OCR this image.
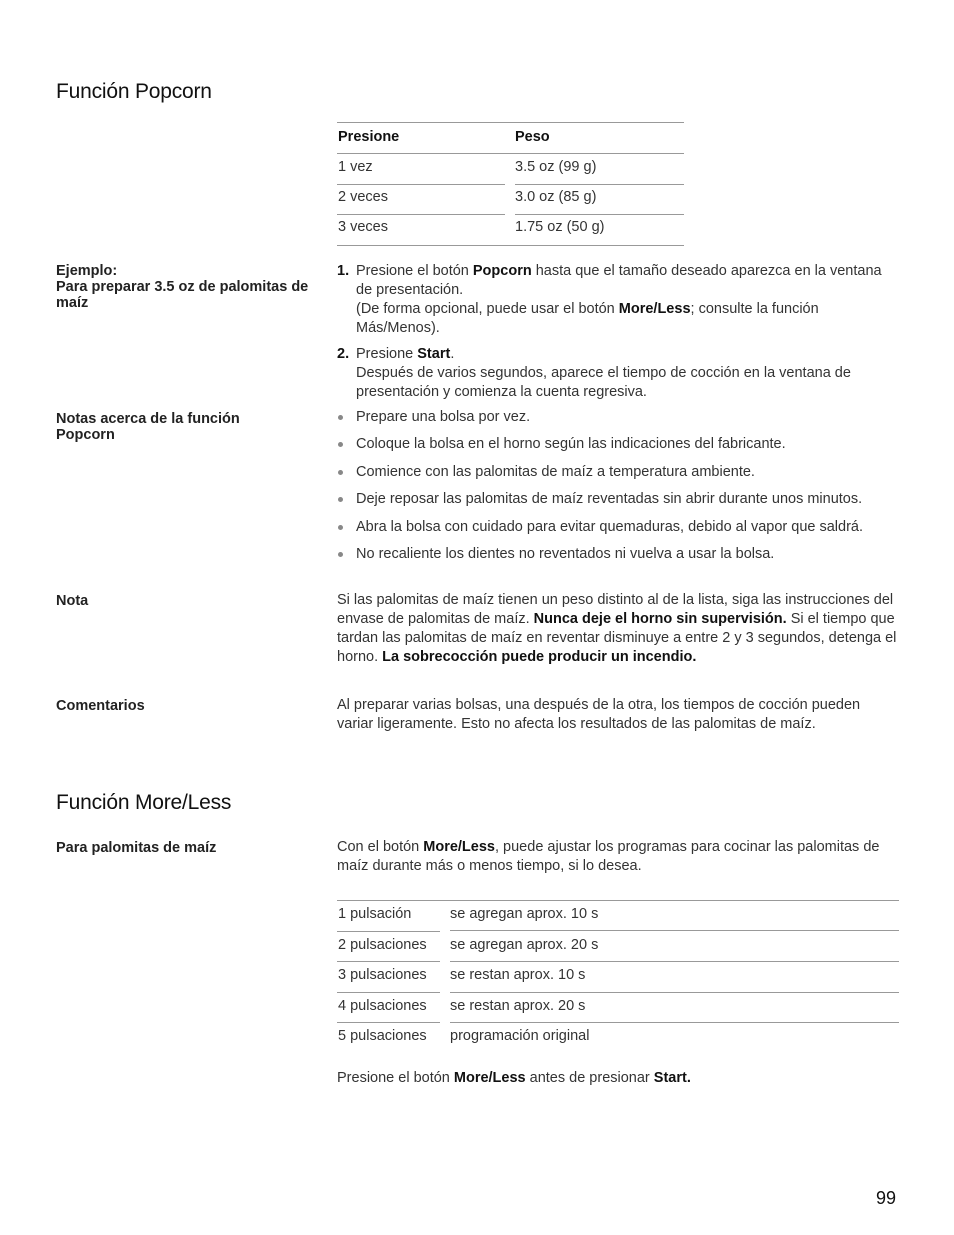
Función Popcorn
Presione	Peso
1 vez	3.5 oz (99 g)
2 veces	3.0 oz (85 g)
3 veces	1.75 oz (50 g)
Ejemplo:
Para preparar 3.5 oz de palomitas de maíz
1. Presione el botón Popcorn hasta que el tamaño deseado aparezca en la ventana de presentación.
(De forma opcional, puede usar el botón More/Less; consulte la función Más/Menos).
2. Presione Start.
Después de varios segundos, aparece el tiempo de cocción en la ventana de presentación y comienza la cuenta regresiva.
Notas acerca de la función Popcorn
Prepare una bolsa por vez.
Coloque la bolsa en el horno según las indicaciones del fabricante.
Comience con las palomitas de maíz a temperatura ambiente.
Deje reposar las palomitas de maíz reventadas sin abrir durante unos minutos.
Abra la bolsa con cuidado para evitar quemaduras, debido al vapor que saldrá.
No recaliente los dientes no reventados ni vuelva a usar la bolsa.
Nota	Si las palomitas de maíz tienen un peso distinto al de la lista, siga las instrucciones del envase de palomitas de maíz. Nunca deje el horno sin supervisión. Si el tiempo que tardan las palomitas de maíz en reventar disminuye a entre 2 y 3 segundos, detenga el horno. La sobrecocción puede producir un incendio.
Comentarios	Al preparar varias bolsas, una después de la otra, los tiempos de cocción pueden variar ligeramente. Esto no afecta los resultados de las palomitas de maíz.
Función More/Less
Para palomitas de maíz	Con el botón More/Less, puede ajustar los programas para cocinar las palomitas de maíz durante más o menos tiempo, si lo desea.
1 pulsación	se agregan aprox. 10 s
2 pulsaciones	se agregan aprox. 20 s
3 pulsaciones	se restan aprox. 10 s
4 pulsaciones	se restan aprox. 20 s
5 pulsaciones	programación original
Presione el botón More/Less antes de presionar Start.
99
